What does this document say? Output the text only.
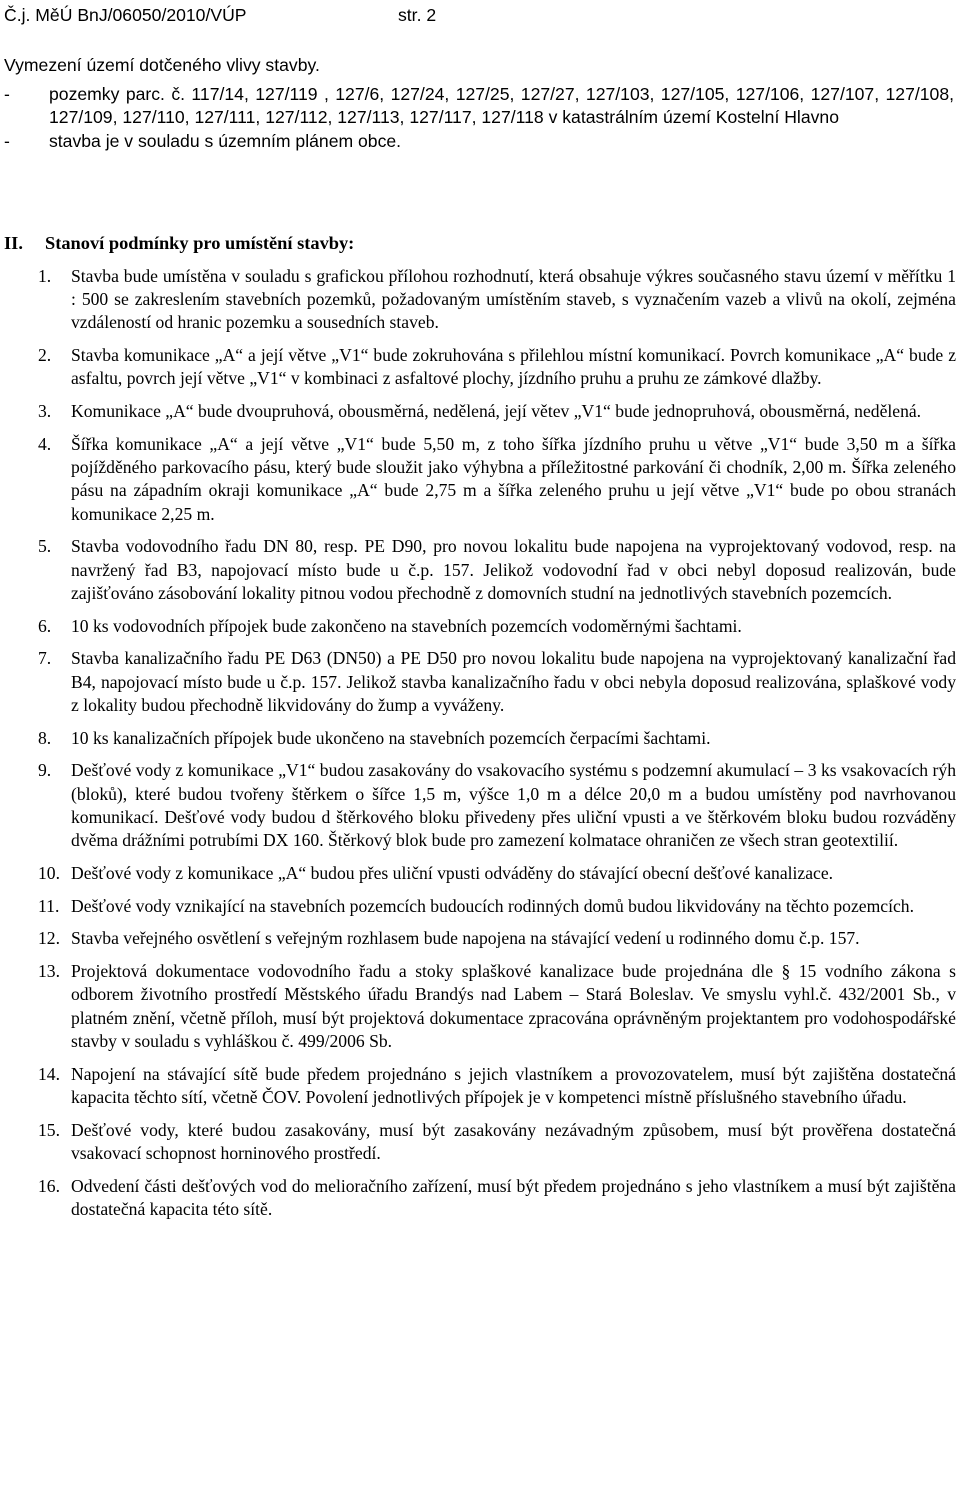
Č.j. MěÚ BnJ/06050/2010/VÚP	str. 2
Vymezení území dotčeného vlivy stavby.
- pozemky parc. č. 117/14, 127/119 , 127/6, 127/24, 127/25, 127/27, 127/103, 127/105, 127/106, 127/107, 127/108, 127/109, 127/110, 127/111, 127/112, 127/113, 127/117, 127/118 v katastrálním území Kostelní Hlavno
- stavba je v souladu s územním plánem obce.
II. Stanoví podmínky pro umístění stavby:
1. Stavba bude umístěna v souladu s grafickou přílohou rozhodnutí, která obsahuje výkres současného stavu území v měřítku 1 : 500 se zakreslením stavebních pozemků, požadovaným umístěním staveb, s vyznačením vazeb a vlivů na okolí, zejména vzdáleností od hranic pozemku a sousedních staveb.
2. Stavba komunikace „A“ a její větve „V1“ bude zokruhována s přilehlou místní komunikací. Povrch komunikace „A“ bude z asfaltu, povrch její větve „V1“ v kombinaci z asfaltové plochy, jízdního pruhu a pruhu ze zámkové dlažby.
3. Komunikace „A“ bude dvoupruhová, obousměrná, nedělená, její větev „V1“ bude jednopruhová, obousměrná, nedělená.
4. Šířka komunikace „A“ a její větve „V1“ bude 5,50 m, z toho šířka jízdního pruhu u větve „V1“ bude 3,50 m a šířka pojížděného parkovacího pásu, který bude sloužit jako výhybna a příležitostné parkování či chodník, 2,00 m. Šířka zeleného pásu na západním okraji komunikace „A“ bude 2,75 m a šířka zeleného pruhu u její větve „V1“ bude po obou stranách komunikace 2,25 m.
5. Stavba vodovodního řadu DN 80, resp. PE D90, pro novou lokalitu bude napojena na vyprojektovaný vodovod, resp. na navržený řad B3, napojovací místo bude u č.p. 157. Jelikož vodovodní řad v obci nebyl doposud realizován, bude zajišťováno zásobování lokality pitnou vodou přechodně z domovních studní na jednotlivých stavebních pozemcích.
6. 10 ks vodovodních přípojek bude zakončeno na stavebních pozemcích vodoměrnými šachtami.
7. Stavba kanalizačního řadu PE D63 (DN50) a PE D50 pro novou lokalitu bude napojena na vyprojektovaný kanalizační řad B4, napojovací místo bude u č.p. 157. Jelikož stavba kanalizačního řadu v obci nebyla doposud realizována, splaškové vody z lokality budou přechodně likvidovány do žump a vyváženy.
8. 10 ks kanalizačních přípojek bude ukončeno na stavebních pozemcích čerpacími šachtami.
9. Dešťové vody z komunikace „V1“ budou zasakovány do vsakovacího systému s podzemní akumulací – 3 ks vsakovacích rýh (bloků), které budou tvořeny štěrkem o šířce 1,5 m, výšce 1,0 m a délce 20,0 m a budou umístěny pod navrhovanou komunikací. Dešťové vody budou d štěrkového bloku přivedeny přes uliční vpusti a ve štěrkovém bloku budou rozváděny dvěma drážními potrubími DX 160. Štěrkový blok bude pro zamezení kolmatace ohraničen ze všech stran geotextilií.
10. Dešťové vody z komunikace „A“ budou přes uliční vpusti odváděny do stávající obecní dešťové kanalizace.
11. Dešťové vody vznikající na stavebních pozemcích budoucích rodinných domů budou likvidovány na těchto pozemcích.
12. Stavba veřejného osvětlení s veřejným rozhlasem bude napojena na stávající vedení u rodinného domu č.p. 157.
13. Projektová dokumentace vodovodního řadu a stoky splaškové kanalizace bude projednána dle § 15 vodního zákona s odborem životního prostředí Městského úřadu Brandýs nad Labem – Stará Boleslav. Ve smyslu vyhl.č. 432/2001 Sb., v platném znění, včetně příloh, musí být projektová dokumentace zpracována oprávněným projektantem pro vodohospodářské stavby v souladu s vyhláškou č. 499/2006 Sb.
14. Napojení na stávající sítě bude předem projednáno s jejich vlastníkem a provozovatelem, musí být zajištěna dostatečná kapacita těchto sítí, včetně ČOV. Povolení jednotlivých přípojek je v kompetenci místně příslušného stavebního úřadu.
15. Dešťové vody, které budou zasakovány, musí být zasakovány nezávadným způsobem, musí být prověřena dostatečná vsakovací schopnost horninového prostředí.
16. Odvedení části dešťových vod do melioračního zařízení, musí být předem projednáno s jeho vlastníkem a musí být zajištěna dostatečná kapacita této sítě.
